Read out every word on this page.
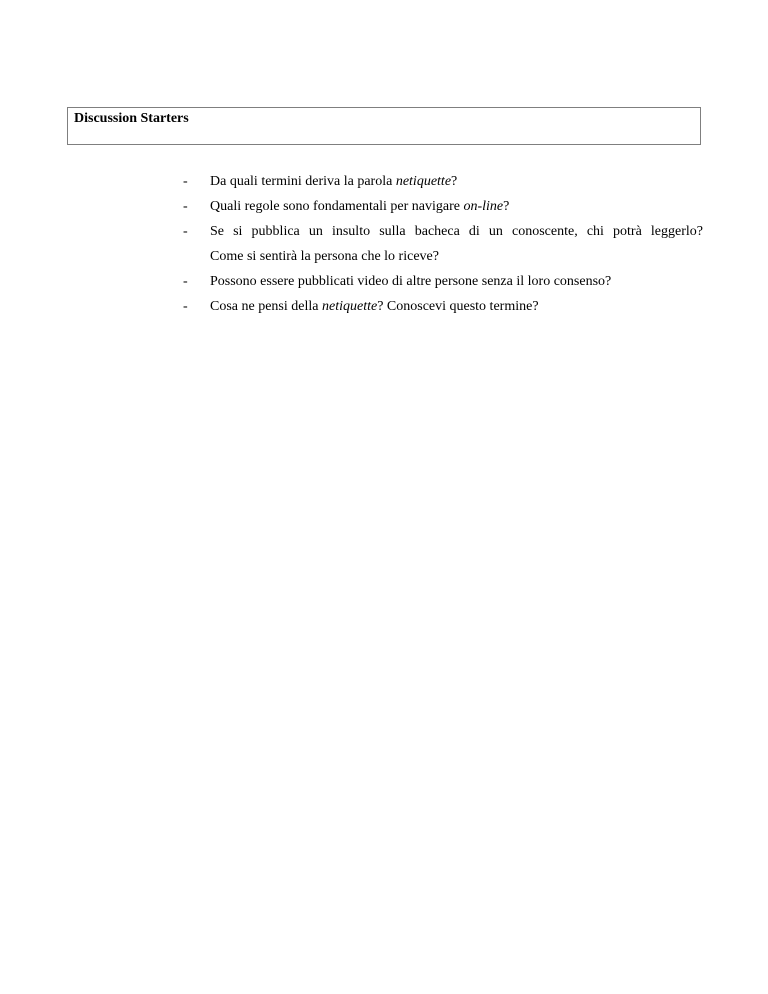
Discussion Starters
-	Da quali termini deriva la parola netiquette?
-	Quali regole sono fondamentali per navigare on-line?
-	Se si pubblica un insulto sulla bacheca di un conoscente, chi potrà leggerlo?
Come si sentirà la persona che lo riceve?
-	Possono essere pubblicati video di altre persone senza il loro consenso?
-	Cosa ne pensi della netiquette? Conoscevi questo termine?
